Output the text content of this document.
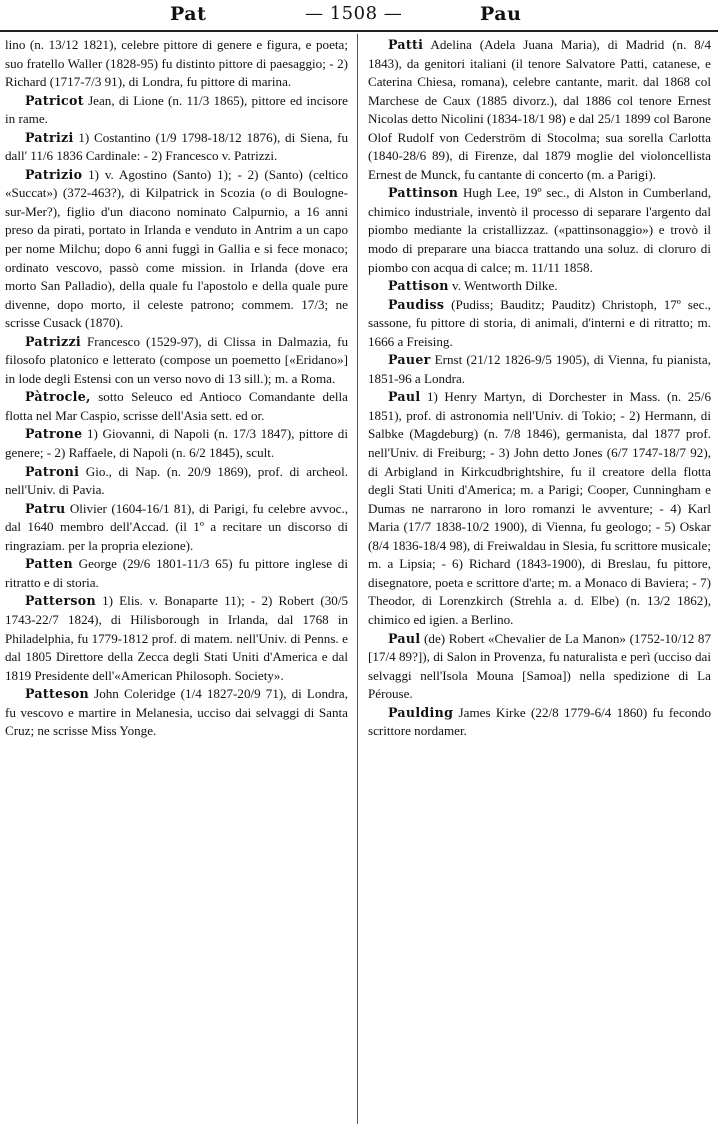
Pat	— 1508 —	Pau

lino (n. 13/12 1821), celebre pittore di genere e figura, e poeta; suo fratello Waller (1828-95) fu distinto pittore di paesaggio; - 2) Richard (1717-7/3 91), di Londra, fu pittore di marina.

Patricot Jean, di Lione (n. 11/3 1865), pittore ed incisore in rame.

Patrizi 1) Costantino (1/9 1798-18/12 1876), di Siena, fu dall' 11/6 1836 Cardinale: - 2) Francesco v. Patrizzi.

Patrizio 1) v. Agostino (Santo) 1); - 2) (Santo) (celtico «Succat») (372-463?), di Kilpatrick in Scozia (o di Boulogne-sur-Mer?), figlio d'un diacono nominato Calpurnio, a 16 anni preso da pirati, portato in Irlanda e venduto in Antrim a un capo per nome Milchu; dopo 6 anni fuggì in Gallia e si fece monaco; ordinato vescovo, passò come mission. in Irlanda (dove era morto San Palladio), della quale fu l'apostolo e della quale pure divenne, dopo morto, il celeste patrono; commem. 17/3; ne scrisse Cusack (1870).

Patrizzi Francesco (1529-97), di Clissa in Dalmazia, fu filosofo platonico e letterato (compose un poemetto [«Eridano»] in lode degli Estensi con un verso novo di 13 sill.); m. a Roma.

Pàtrocle, sotto Seleuco ed Antioco Comandante della flotta nel Mar Caspio, scrisse dell'Asia sett. ed or.

Patrone 1) Giovanni, di Napoli (n. 17/3 1847), pittore di genere; - 2) Raffaele, di Napoli (n. 6/2 1845), scult.

Patroni Gio., di Nap. (n. 20/9 1869), prof. di archeol. nell'Univ. di Pavia.

Patru Olivier (1604-16/1 81), di Parigi, fu celebre avvoc., dal 1640 membro dell'Accad. (il 1º a recitare un discorso di ringraziam. per la propria elezione).

Patten George (29/6 1801-11/3 65) fu pittore inglese di ritratto e di storia.

Patterson 1) Elis. v. Bonaparte 11); - 2) Robert (30/5 1743-22/7 1824), di Hilisborough in Irlanda, dal 1768 in Philadelphia, fu 1779-1812 prof. di matem. nell'Univ. di Penns. e dal 1805 Direttore della Zecca degli Stati Uniti d'America e dal 1819 Presidente dell'«American Philosoph. Society».

Patteson John Coleridge (1/4 1827-20/9 71), di Londra, fu vescovo e martire in Melanesia, ucciso dai selvaggi di Santa Cruz; ne scrisse Miss Yonge.

Patti Adelina (Adela Juana Maria), di Madrid (n. 8/4 1843), da genitori italiani (il tenore Salvatore Patti, catanese, e Caterina Chiesa, romana), celebre cantante, marit. dal 1868 col Marchese de Caux (1885 divorz.), dal 1886 col tenore Ernest Nicolas detto Nicolini (1834-18/1 98) e dal 25/1 1899 col Barone Olof Rudolf von Cederström di Stocolma; sua sorella Carlotta (1840-28/6 89), di Firenze, dal 1879 moglie del violoncellista Ernest de Munck, fu cantante di concerto (m. a Parigi).

Pattinson Hugh Lee, 19º sec., di Alston in Cumberland, chimico industriale, inventò il processo di separare l'argento dal piombo mediante la cristallizzaz. («pattinsonaggio») e trovò il modo di preparare una biacca trattando una soluz. di cloruro di piombo con acqua di calce; m. 11/11 1858.

Pattison v. Wentworth Dilke.

Paudiss (Pudiss; Bauditz; Pauditz) Christoph, 17º sec., sassone, fu pittore di storia, di animali, d'interni e di ritratto; m. 1666 a Freising.

Pauer Ernst (21/12 1826-9/5 1905), di Vienna, fu pianista, 1851-96 a Londra.

Paul 1) Henry Martyn, di Dorchester in Mass. (n. 25/6 1851), prof. di astronomia nell'Univ. di Tokio; - 2) Hermann, di Salbke (Magdeburg) (n. 7/8 1846), germanista, dal 1877 prof. nell'Univ. di Freiburg; - 3) John detto Jones (6/7 1747-18/7 92), di Arbigland in Kirkcudbrightshire, fu il creatore della flotta degli Stati Uniti d'America; m. a Parigi; Cooper, Cunningham e Dumas ne narrarono in loro romanzi le avventure; - 4) Karl Maria (17/7 1838-10/2 1900), di Vienna, fu geologo; - 5) Oskar (8/4 1836-18/4 98), di Freiwaldau in Slesia, fu scrittore musicale; m. a Lipsia; - 6) Richard (1843-1900), di Breslau, fu pittore, disegnatore, poeta e scrittore d'arte; m. a Monaco di Baviera; - 7) Theodor, di Lorenzkirch (Strehla a. d. Elbe) (n. 13/2 1862), chimico ed igien. a Berlino.

Paul (de) Robert «Chevalier de La Manon» (1752-10/12 87 [17/4 89?]), di Salon in Provenza, fu naturalista e perì (ucciso dai selvaggi nell'Isola Mouna [Samoa]) nella spedizione di La Pérouse.

Paulding James Kirke (22/8 1779-6/4 1860) fu fecondo scrittore nordamer.
